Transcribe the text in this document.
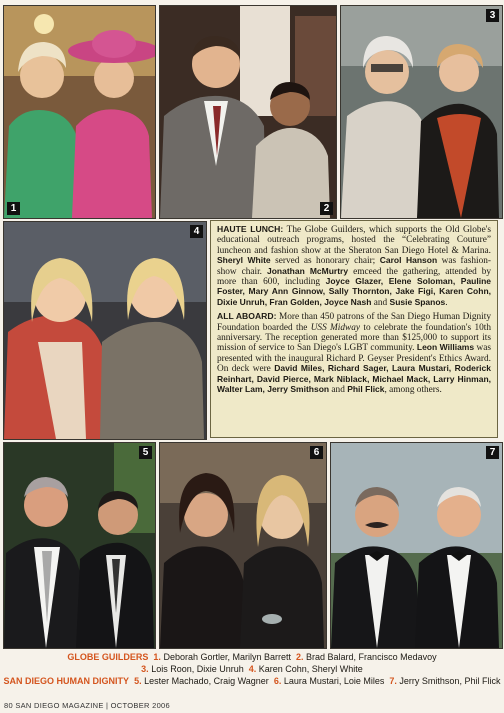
1	2
3
4	HAUTE LUNCH: The Globe Guilders, which supports the Old Globe's educational outreach programs, hosted the “Celebrating Couture” luncheon and fashion show at the Sheraton San Diego Hotel & Marina. Sheryl White served as honorary chair; Carol Hanson was fashion-show chair. Jonathan McMurtry emceed the gathering, attended by more than 600, including Joyce Glazer, Elene Soloman, Pauline Foster, Mary Ann Ginnow, Sally Thornton, Jake Figi, Karen Cohn, Dixie Unruh, Fran Golden, Joyce Nash and Susie Spanos.

ALL ABOARD: More than 450 patrons of the San Diego Human Dignity Foundation boarded the USS Midway to celebrate the foundation's 10th anniversary. The reception generated more than $125,000 to support its mission of service to San Diego's LGBT community. Leon Williams was presented with the inaugural Richard P. Geyser President's Ethics Award. On deck were David Miles, Richard Sager, Laura Mustari, Roderick Reinhart, David Pierce, Mark Niblack, Michael Mack, Larry Hinman, Walter Lam, Jerry Smithson and Phil Flick, among others.

5	6	7
GLOBE GUILDERS 1. Deborah Gortler, Marilyn Barrett 2. Brad Balard, Francisco Medavoy
3. Lois Roon, Dixie Unruh 4. Karen Cohn, Sheryl White
SAN DIEGO HUMAN DIGNITY 5. Lester Machado, Craig Wagner 6. Laura Mustari, Loie Miles 7. Jerry Smithson, Phil Flick
80 SAN DIEGO MAGAZINE | OCTOBER 2006
